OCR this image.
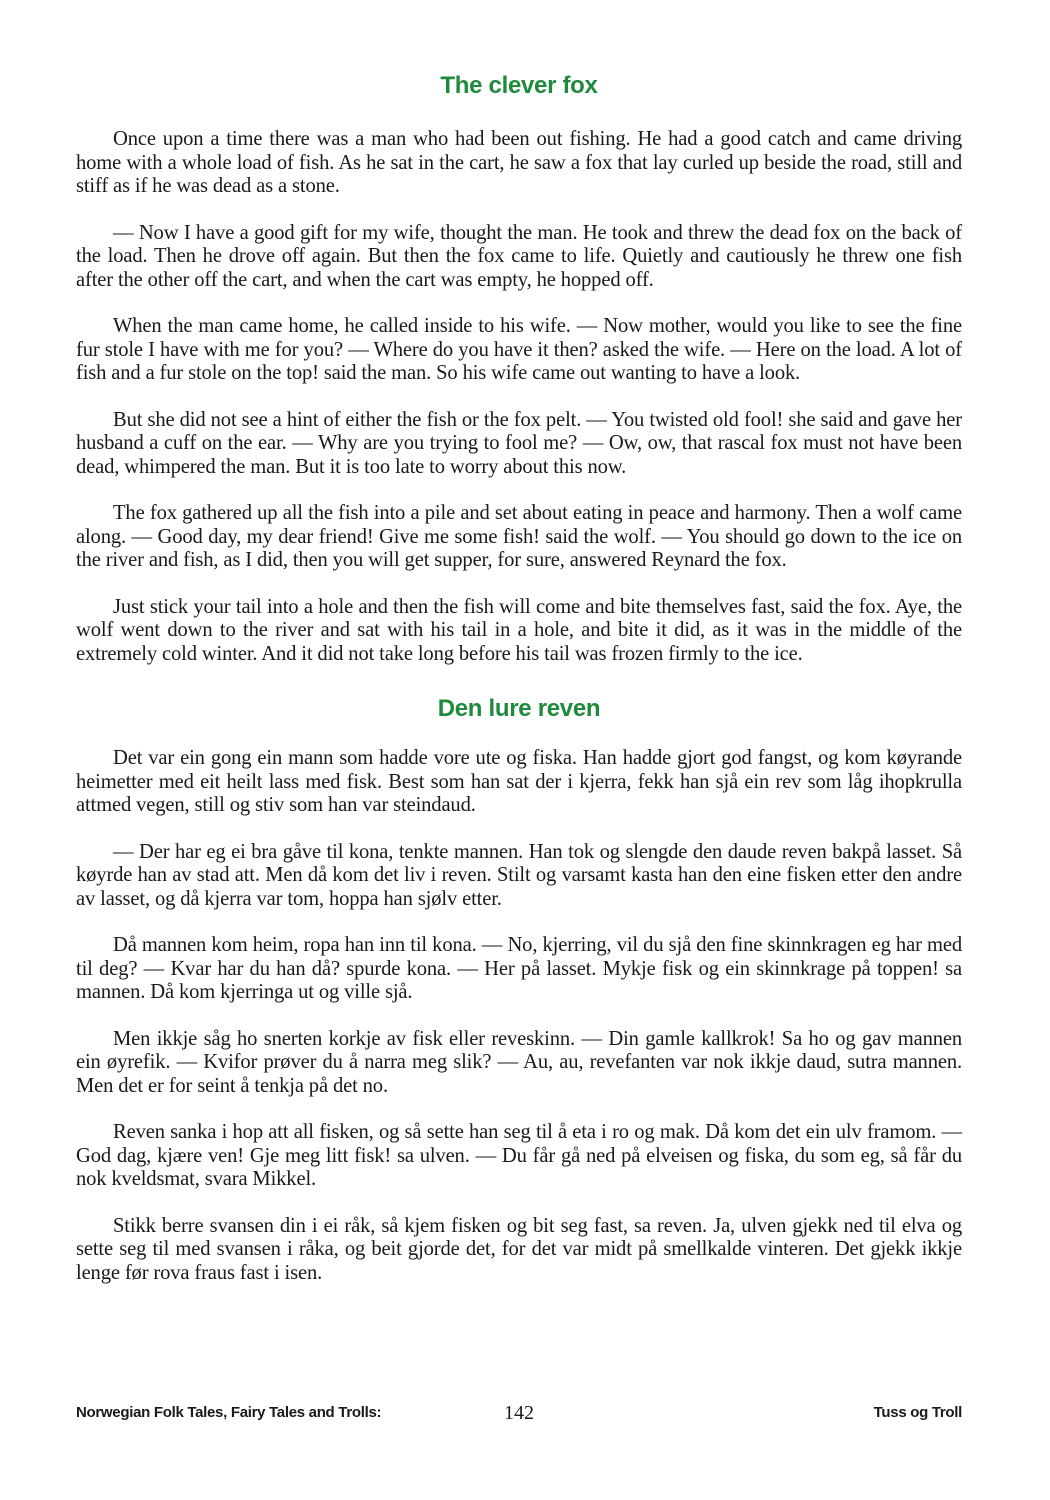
The clever fox

Once upon a time there was a man who had been out fishing. He had a good catch and came driving home with a whole load of fish. As he sat in the cart, he saw a fox that lay curled up beside the road, still and stiff as if he was dead as a stone.

— Now I have a good gift for my wife, thought the man. He took and threw the dead fox on the back of the load. Then he drove off again. But then the fox came to life. Quietly and cautiously he threw one fish after the other off the cart, and when the cart was empty, he hopped off.

When the man came home, he called inside to his wife. — Now mother, would you like to see the fine fur stole I have with me for you? — Where do you have it then? asked the wife. — Here on the load. A lot of fish and a fur stole on the top! said the man. So his wife came out wanting to have a look.

But she did not see a hint of either the fish or the fox pelt. — You twisted old fool! she said and gave her husband a cuff on the ear. — Why are you trying to fool me? — Ow, ow, that rascal fox must not have been dead, whimpered the man. But it is too late to worry about this now.

The fox gathered up all the fish into a pile and set about eating in peace and harmony. Then a wolf came along. — Good day, my dear friend! Give me some fish! said the wolf. — You should go down to the ice on the river and fish, as I did, then you will get supper, for sure, answered Reynard the fox.

Just stick your tail into a hole and then the fish will come and bite themselves fast, said the fox. Aye, the wolf went down to the river and sat with his tail in a hole, and bite it did, as it was in the middle of the extremely cold winter. And it did not take long before his tail was frozen firmly to the ice.

Den lure reven

Det var ein gong ein mann som hadde vore ute og fiska. Han hadde gjort god fangst, og kom køyrande heimetter med eit heilt lass med fisk. Best som han sat der i kjerra, fekk han sjå ein rev som låg ihopkrulla attmed vegen, still og stiv som han var steindaud.

— Der har eg ei bra gåve til kona, tenkte mannen. Han tok og slengde den daude reven bakpå lasset. Så køyrde han av stad att. Men då kom det liv i reven. Stilt og varsamt kasta han den eine fisken etter den andre av lasset, og då kjerra var tom, hoppa han sjølv etter.

Då mannen kom heim, ropa han inn til kona. — No, kjerring, vil du sjå den fine skinnkragen eg har med til deg? — Kvar har du han då? spurde kona. — Her på lasset. Mykje fisk og ein skinnkrage på toppen! sa mannen. Då kom kjerringa ut og ville sjå.

Men ikkje såg ho snerten korkje av fisk eller reveskinn. — Din gamle kallkrok! Sa ho og gav mannen ein øyrefik. — Kvifor prøver du å narra meg slik? — Au, au, revefanten var nok ikkje daud, sutra mannen. Men det er for seint å tenkja på det no.

Reven sanka i hop att all fisken, og så sette han seg til å eta i ro og mak. Då kom det ein ulv framom. — God dag, kjære ven! Gje meg litt fisk! sa ulven. — Du får gå ned på elveisen og fiska, du som eg, så får du nok kveldsmat, svara Mikkel.

Stikk berre svansen din i ei råk, så kjem fisken og bit seg fast, sa reven. Ja, ulven gjekk ned til elva og sette seg til med svansen i råka, og beit gjorde det, for det var midt på smellkalde vinteren. Det gjekk ikkje lenge før rova fraus fast i isen.

Norwegian Folk Tales, Fairy Tales and Trolls:	142	Tuss og Troll
